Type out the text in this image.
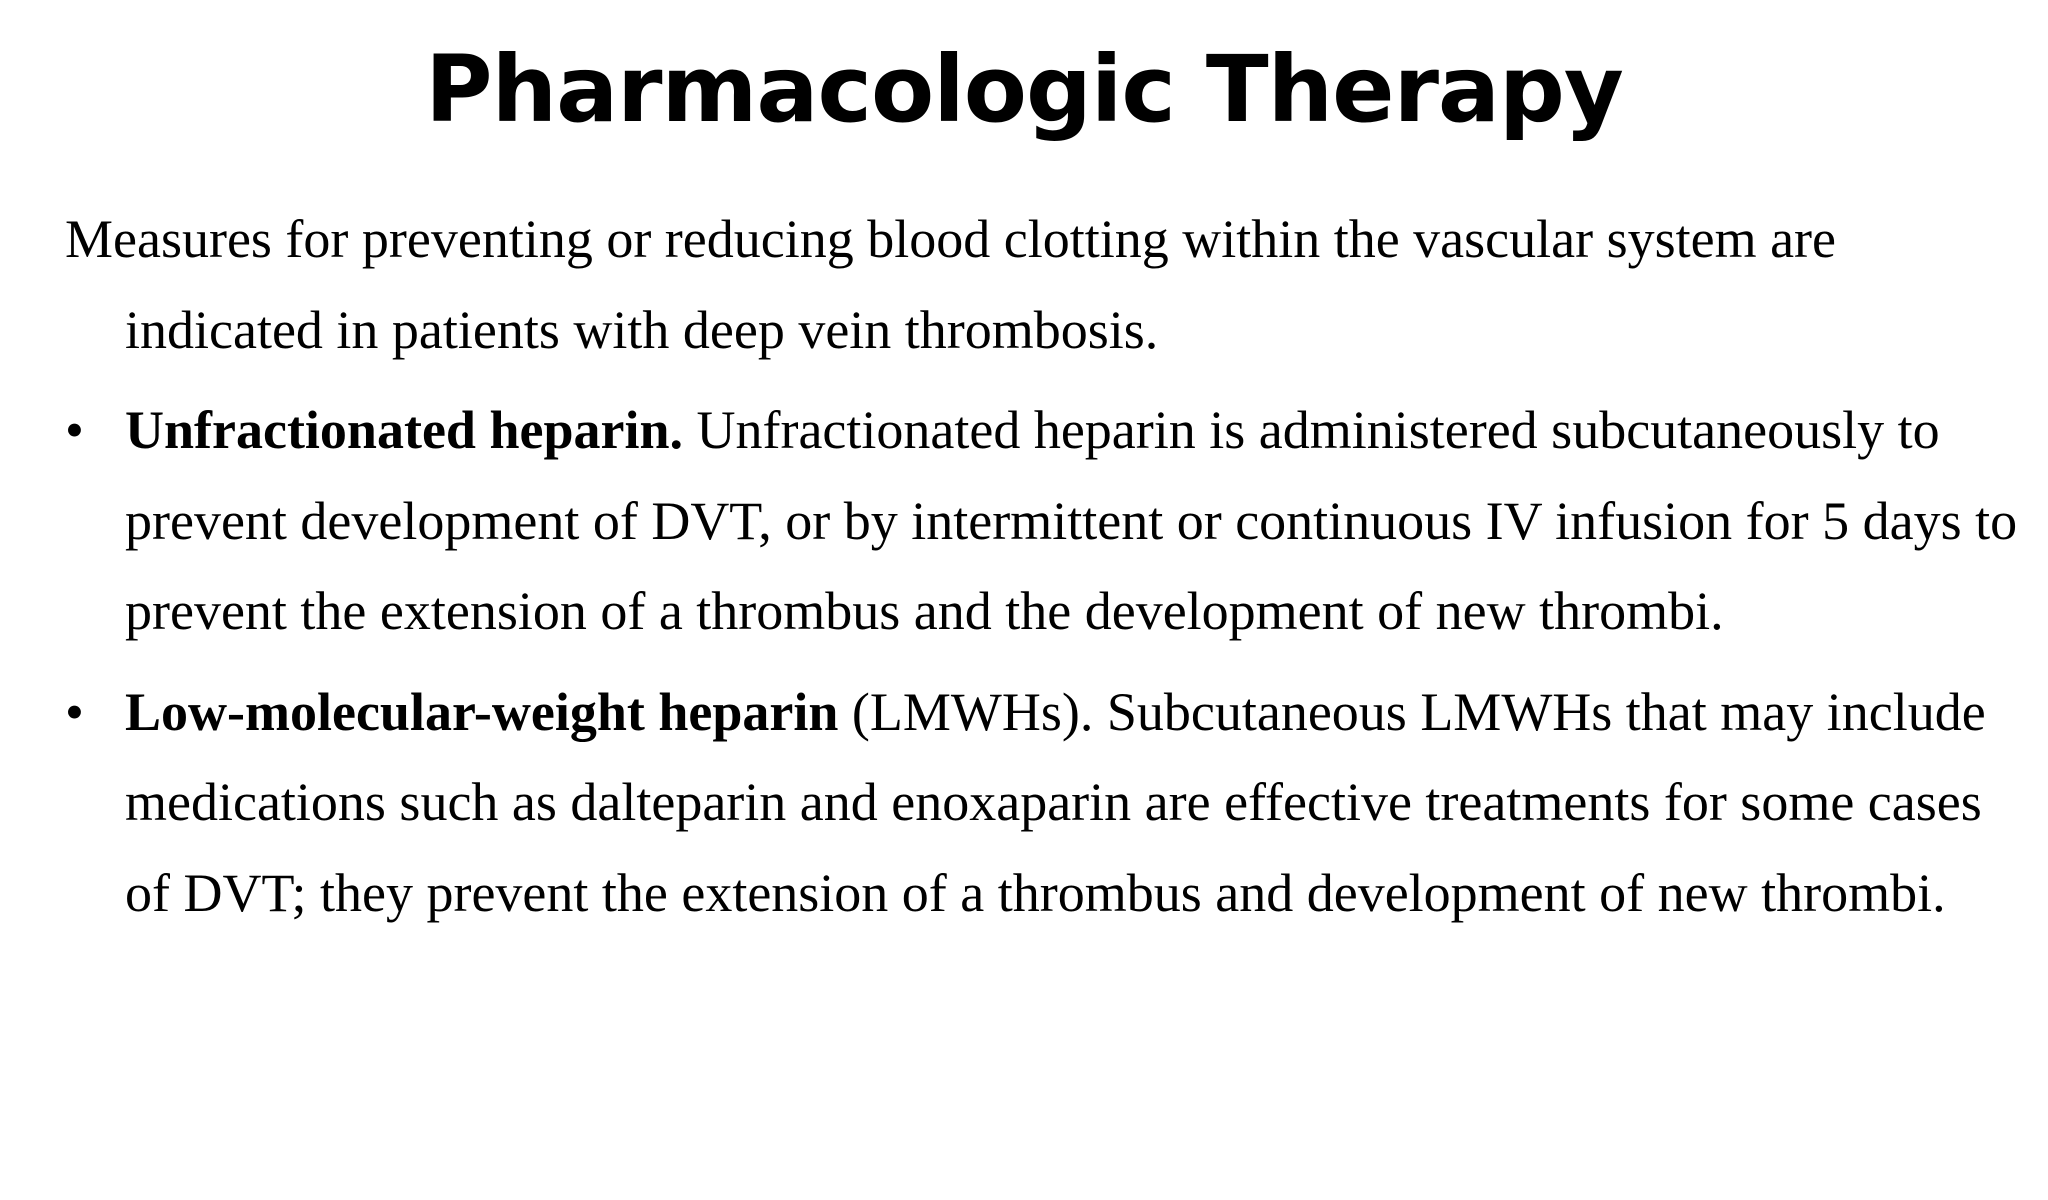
Pharmacologic Therapy

Measures for preventing or reducing blood clotting within the vascular system are indicated in patients with deep vein thrombosis.

• Unfractionated heparin. Unfractionated heparin is administered subcutaneously to prevent development of DVT, or by intermittent or continuous IV infusion for 5 days to prevent the extension of a thrombus and the development of new thrombi.
• Low-molecular-weight heparin (LMWHs). Subcutaneous LMWHs that may include medications such as dalteparin and enoxaparin are effective treatments for some cases of DVT; they prevent the extension of a thrombus and development of new thrombi.
